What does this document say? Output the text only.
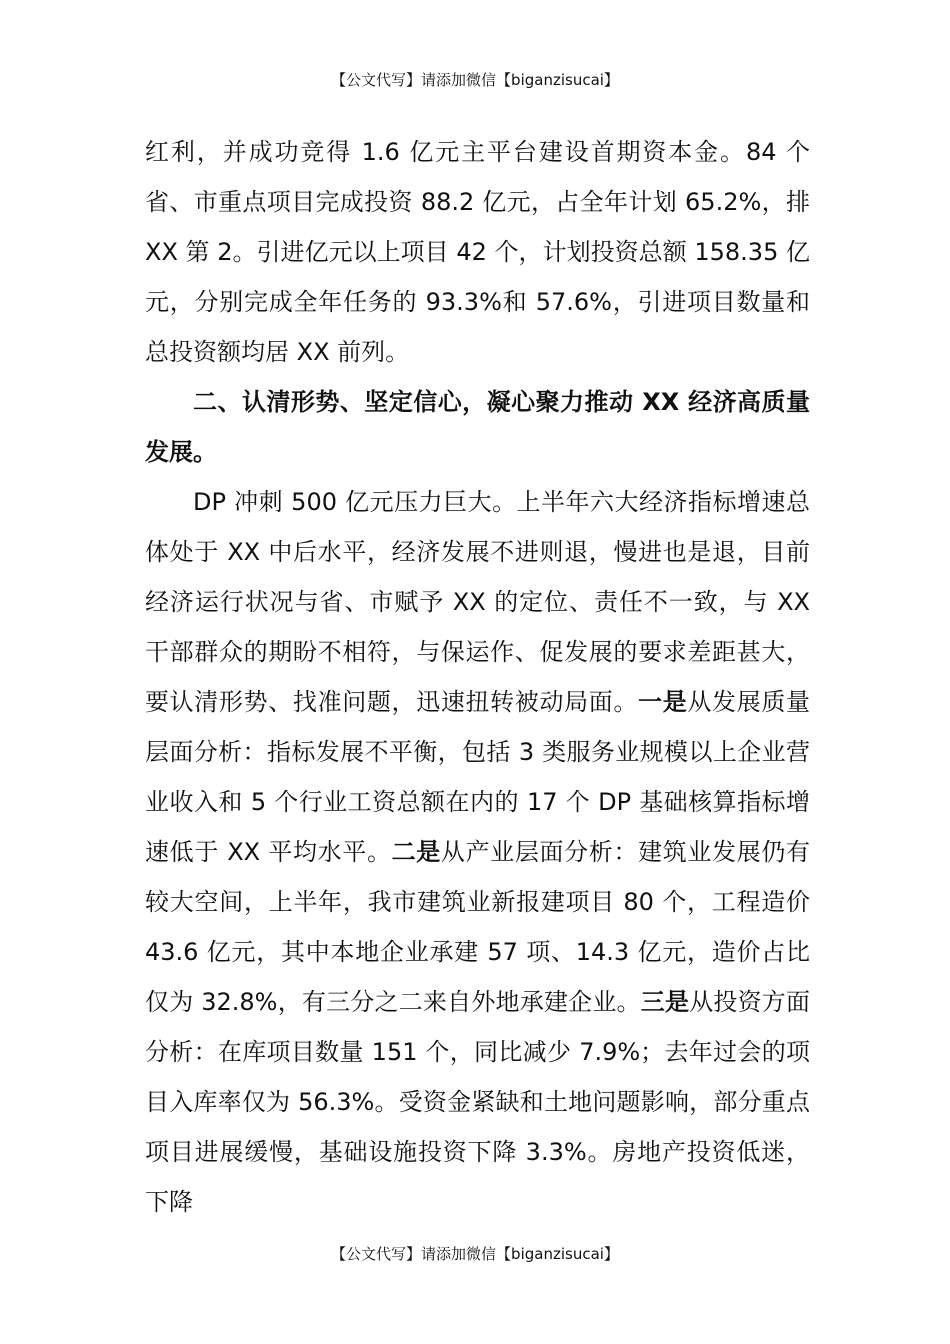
【公文代写】请添加微信【biganzisucai】

红利，并成功竞得 1.6 亿元主平台建设首期资本金。84 个省、市重点项目完成投资 88.2 亿元，占全年计划 65.2%，排 XX 第 2。引进亿元以上项目 42 个，计划投资总额 158.35 亿元，分别完成全年任务的 93.3%和 57.6%，引进项目数量和总投资额均居 XX 前列。

二、认清形势、坚定信心，凝心聚力推动 XX 经济高质量发展。

DP 冲刺 500 亿元压力巨大。上半年六大经济指标增速总体处于 XX 中后水平，经济发展不进则退，慢进也是退，目前经济运行状况与省、市赋予 XX 的定位、责任不一致，与 XX 干部群众的期盼不相符，与保运作、促发展的要求差距甚大，要认清形势、找准问题，迅速扭转被动局面。一是从发展质量层面分析：指标发展不平衡，包括 3 类服务业规模以上企业营业收入和 5 个行业工资总额在内的 17 个 DP 基础核算指标增速低于 XX 平均水平。二是从产业层面分析：建筑业发展仍有较大空间，上半年，我市建筑业新报建项目 80 个，工程造价 43.6 亿元，其中本地企业承建 57 项、14.3 亿元，造价占比仅为 32.8%，有三分之二来自外地承建企业。三是从投资方面分析：在库项目数量 151 个，同比减少 7.9%；去年过会的项目入库率仅为 56.3%。受资金紧缺和土地问题影响，部分重点项目进展缓慢，基础设施投资下降 3.3%。房地产投资低迷，下降

【公文代写】请添加微信【biganzisucai】
